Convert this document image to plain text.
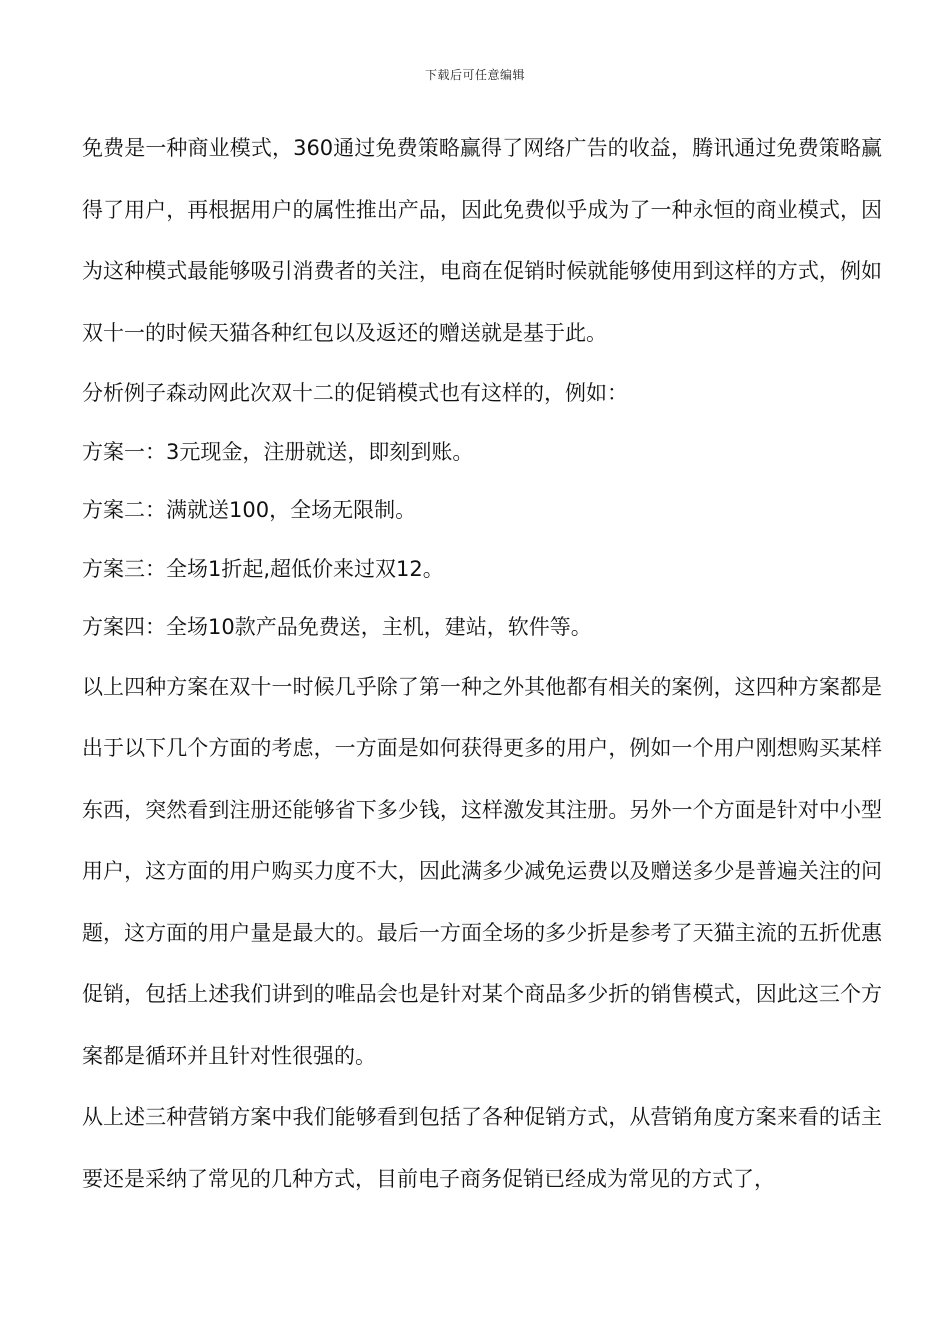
下载后可任意编辑

免费是一种商业模式，360通过免费策略赢得了网络广告的收益，腾讯通过免费策略赢得了用户，再根据用户的属性推出产品，因此免费似乎成为了一种永恒的商业模式，因为这种模式最能够吸引消费者的关注，电商在促销时候就能够使用到这样的方式，例如双十一的时候天猫各种红包以及返还的赠送就是基于此。

分析例子森动网此次双十二的促销模式也有这样的，例如：

方案一：3元现金，注册就送，即刻到账。
方案二：满就送100，全场无限制。
方案三：全场1折起,超低价来过双12。
方案四：全场10款产品免费送，主机，建站，软件等。

以上四种方案在双十一时候几乎除了第一种之外其他都有相关的案例，这四种方案都是出于以下几个方面的考虑，一方面是如何获得更多的用户，例如一个用户刚想购买某样东西，突然看到注册还能够省下多少钱，这样激发其注册。另外一个方面是针对中小型用户，这方面的用户购买力度不大，因此满多少减免运费以及赠送多少是普遍关注的问题，这方面的用户量是最大的。最后一方面全场的多少折是参考了天猫主流的五折优惠促销，包括上述我们讲到的唯品会也是针对某个商品多少折的销售模式，因此这三个方案都是循环并且针对性很强的。

从上述三种营销方案中我们能够看到包括了各种促销方式，从营销角度方案来看的话主要还是采纳了常见的几种方式，目前电子商务促销已经成为常见的方式了，
